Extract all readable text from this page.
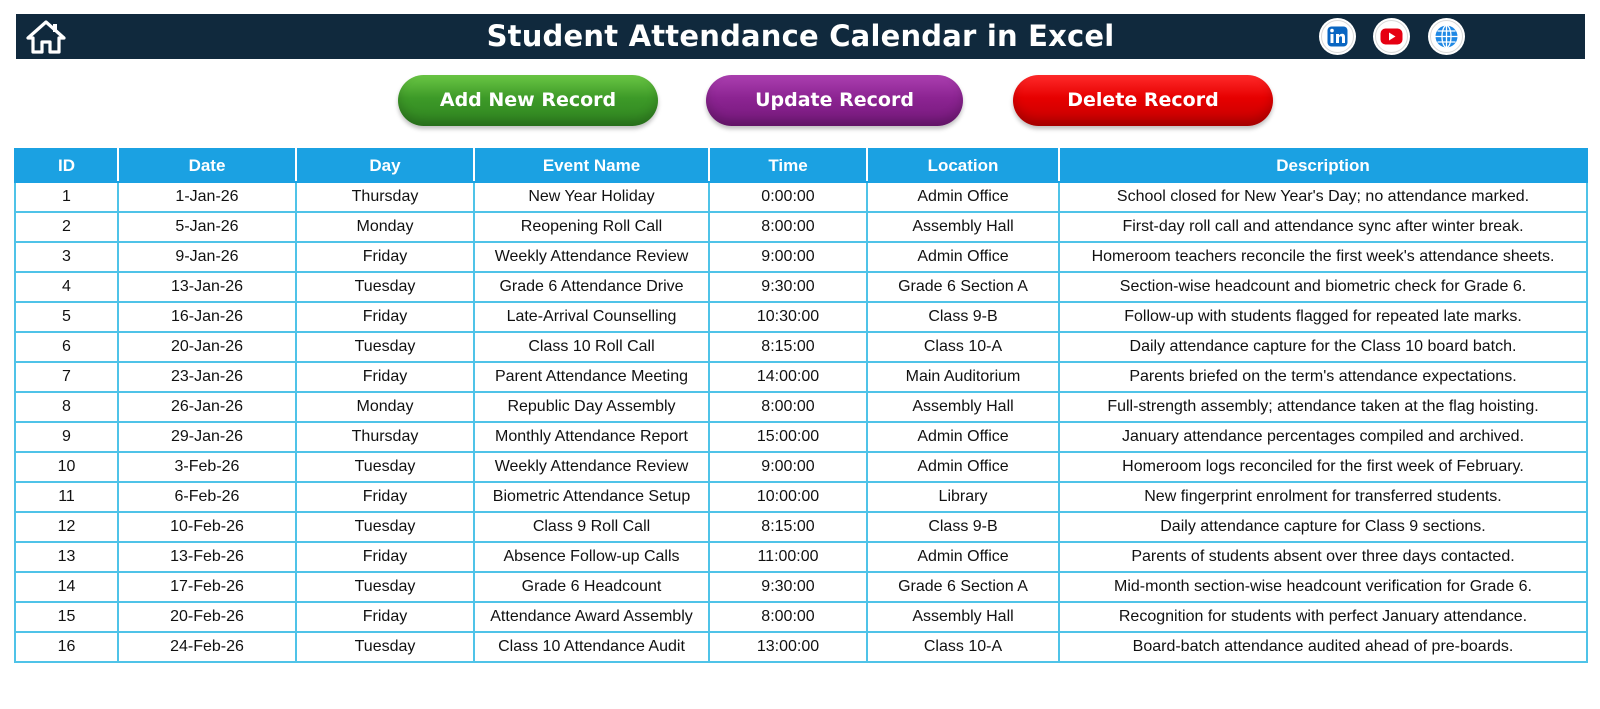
Student Attendance Calendar in Excel
Add New Record	Update Record	Delete Record
ID	Date	Day	Event Name	Time	Location	Description
1	1-Jan-26	Thursday	New Year Holiday	0:00:00	Admin Office	School closed for New Year's Day; no attendance marked.
2	5-Jan-26	Monday	Reopening Roll Call	8:00:00	Assembly Hall	First-day roll call and attendance sync after winter break.
3	9-Jan-26	Friday	Weekly Attendance Review	9:00:00	Admin Office	Homeroom teachers reconcile the first week's attendance sheets.
4	13-Jan-26	Tuesday	Grade 6 Attendance Drive	9:30:00	Grade 6 Section A	Section-wise headcount and biometric check for Grade 6.
5	16-Jan-26	Friday	Late-Arrival Counselling	10:30:00	Class 9-B	Follow-up with students flagged for repeated late marks.
6	20-Jan-26	Tuesday	Class 10 Roll Call	8:15:00	Class 10-A	Daily attendance capture for the Class 10 board batch.
7	23-Jan-26	Friday	Parent Attendance Meeting	14:00:00	Main Auditorium	Parents briefed on the term's attendance expectations.
8	26-Jan-26	Monday	Republic Day Assembly	8:00:00	Assembly Hall	Full-strength assembly; attendance taken at the flag hoisting.
9	29-Jan-26	Thursday	Monthly Attendance Report	15:00:00	Admin Office	January attendance percentages compiled and archived.
10	3-Feb-26	Tuesday	Weekly Attendance Review	9:00:00	Admin Office	Homeroom logs reconciled for the first week of February.
11	6-Feb-26	Friday	Biometric Attendance Setup	10:00:00	Library	New fingerprint enrolment for transferred students.
12	10-Feb-26	Tuesday	Class 9 Roll Call	8:15:00	Class 9-B	Daily attendance capture for Class 9 sections.
13	13-Feb-26	Friday	Absence Follow-up Calls	11:00:00	Admin Office	Parents of students absent over three days contacted.
14	17-Feb-26	Tuesday	Grade 6 Headcount	9:30:00	Grade 6 Section A	Mid-month section-wise headcount verification for Grade 6.
15	20-Feb-26	Friday	Attendance Award Assembly	8:00:00	Assembly Hall	Recognition for students with perfect January attendance.
16	24-Feb-26	Tuesday	Class 10 Attendance Audit	13:00:00	Class 10-A	Board-batch attendance audited ahead of pre-boards.
